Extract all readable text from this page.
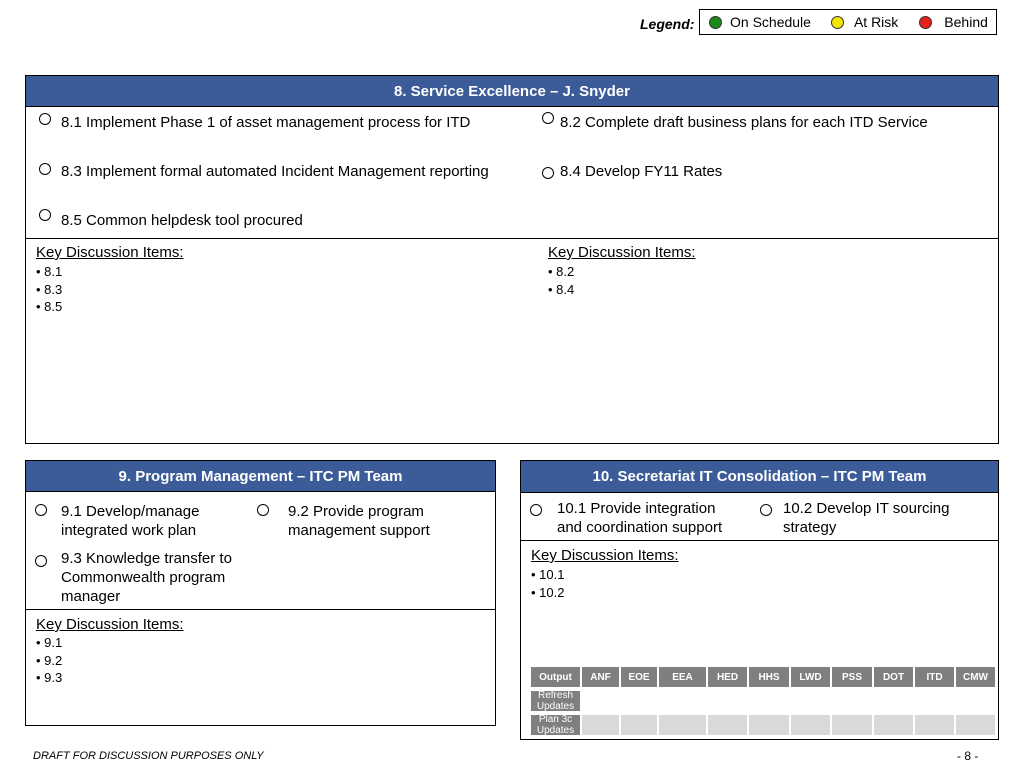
Legend:	On Schedule	At Risk	Behind
8. Service Excellence – J. Snyder
8.1 Implement Phase 1 of asset management process for ITD	8.2 Complete draft business plans for each ITD Service
8.3 Implement formal automated Incident Management reporting	8.4 Develop FY11 Rates
8.5 Common helpdesk tool procured
Key Discussion Items:
• 8.1
• 8.3
• 8.5
Key Discussion Items:
• 8.2
• 8.4
9. Program Management – ITC PM Team
9.1 Develop/manage
integrated work plan
9.2 Provide program
management support
9.3 Knowledge transfer to
Commonwealth program
manager
Key Discussion Items:
• 9.1
• 9.2
• 9.3
10. Secretariat IT Consolidation – ITC PM Team
10.1 Provide integration
and coordination support
10.2 Develop IT sourcing
strategy
Key Discussion Items:
• 10.1
• 10.2
Output	ANF	EOE	EEA	HED	HHS	LWD	PSS	DOT	ITD	CMW
Refresh
Updates
Plan 3c
Updates
DRAFT FOR DISCUSSION PURPOSES ONLY	- 8 -
